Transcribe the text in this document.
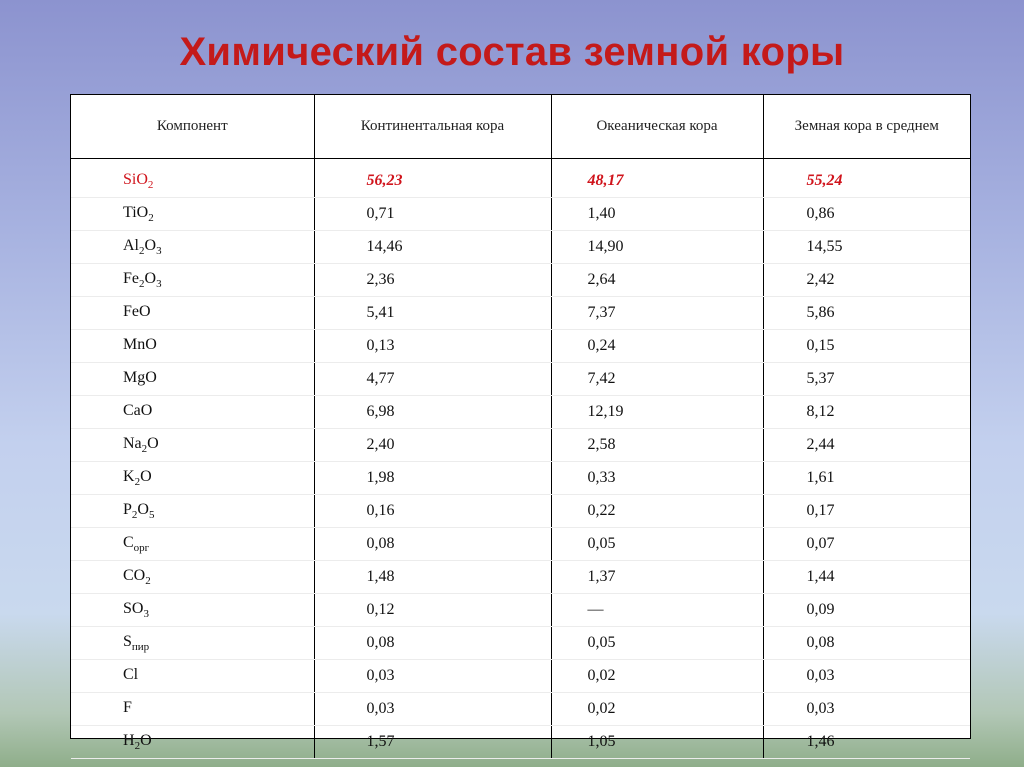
Химический состав земной коры
Компонент	Континентальная кора	Океаническая кора	Земная кора в среднем
SiO$_2$	56,23	48,17	55,24
TiO$_2$	0,71	1,40	0,86
$Al_2O_3$	14,46	14,90	14,55
$Fe_2O_3$	2,36	2,64	2,42
FeO	5,41	7,37	5,86
MnO	0,13	0,24	0,15
MgO	4,77	7,42	5,37
CaO	6,98	12,19	8,12
$Na_2O$	2,40	2,58	2,44
$K_2O$	1,98	0,33	1,61
$P_2O_5$	0,16	0,22	0,17
$C_{орг}$	0,08	0,05	0,07
$CO_2$	1,48	1,37	1,44
$SO_3$	0,12	—	0,09
$S_{пир}$	0,08	0,05	0,08
Cl	0,03	0,02	0,03
F	0,03	0,02	0,03
$H_2O$	1,57	1,05	1,46
